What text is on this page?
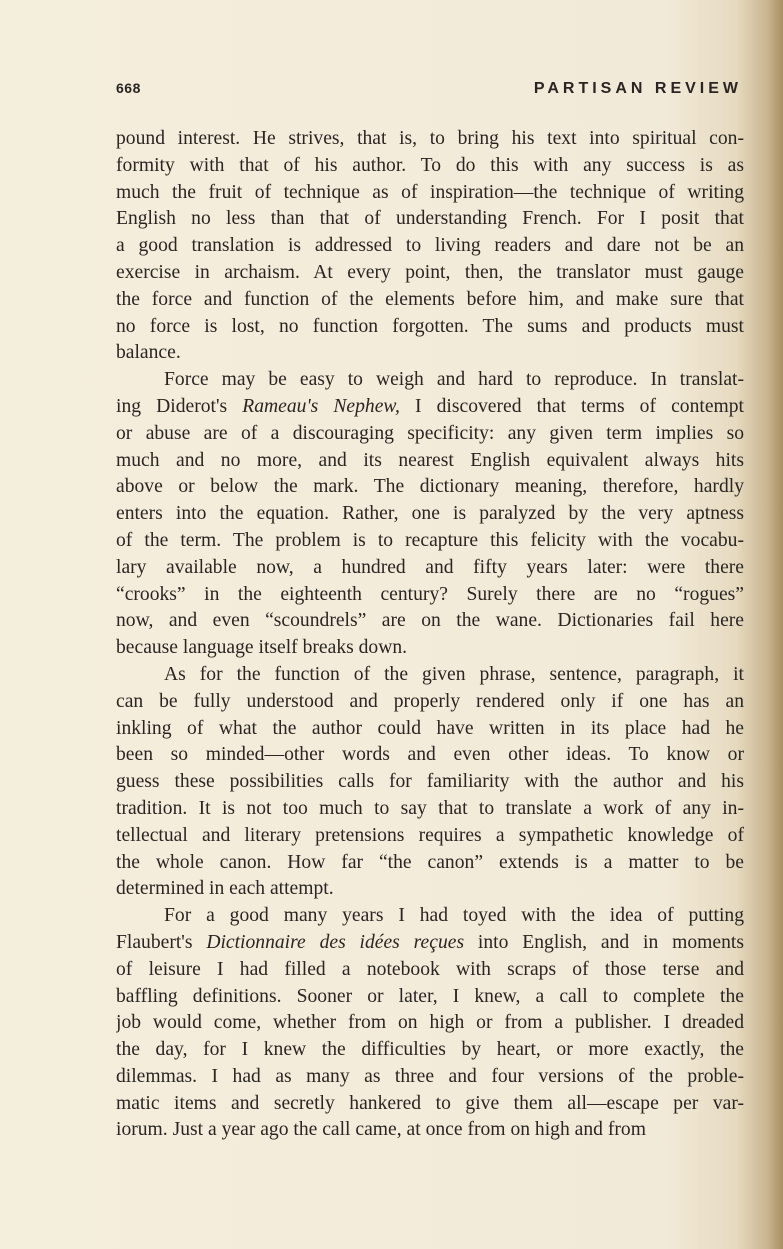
668	PARTISAN REVIEW
pound interest. He strives, that is, to bring his text into spiritual con-
formity with that of his author. To do this with any success is as
much the fruit of technique as of inspiration—the technique of writing
English no less than that of understanding French. For I posit that
a good translation is addressed to living readers and dare not be an
exercise in archaism. At every point, then, the translator must gauge
the force and function of the elements before him, and make sure that
no force is lost, no function forgotten. The sums and products must
balance.
Force may be easy to weigh and hard to reproduce. In translat-
ing Diderot's Rameau's Nephew, I discovered that terms of contempt
or abuse are of a discouraging specificity: any given term implies so
much and no more, and its nearest English equivalent always hits
above or below the mark. The dictionary meaning, therefore, hardly
enters into the equation. Rather, one is paralyzed by the very aptness
of the term. The problem is to recapture this felicity with the vocabu-
lary available now, a hundred and fifty years later: were there
“crooks” in the eighteenth century? Surely there are no “rogues”
now, and even “scoundrels” are on the wane. Dictionaries fail here
because language itself breaks down.
As for the function of the given phrase, sentence, paragraph, it
can be fully understood and properly rendered only if one has an
inkling of what the author could have written in its place had he
been so minded—other words and even other ideas. To know or
guess these possibilities calls for familiarity with the author and his
tradition. It is not too much to say that to translate a work of any in-
tellectual and literary pretensions requires a sympathetic knowledge of
the whole canon. How far “the canon” extends is a matter to be
determined in each attempt.
For a good many years I had toyed with the idea of putting
Flaubert's Dictionnaire des idées reçues into English, and in moments
of leisure I had filled a notebook with scraps of those terse and
baffling definitions. Sooner or later, I knew, a call to complete the
job would come, whether from on high or from a publisher. I dreaded
the day, for I knew the difficulties by heart, or more exactly, the
dilemmas. I had as many as three and four versions of the proble-
matic items and secretly hankered to give them all—escape per var-
iorum. Just a year ago the call came, at once from on high and from
